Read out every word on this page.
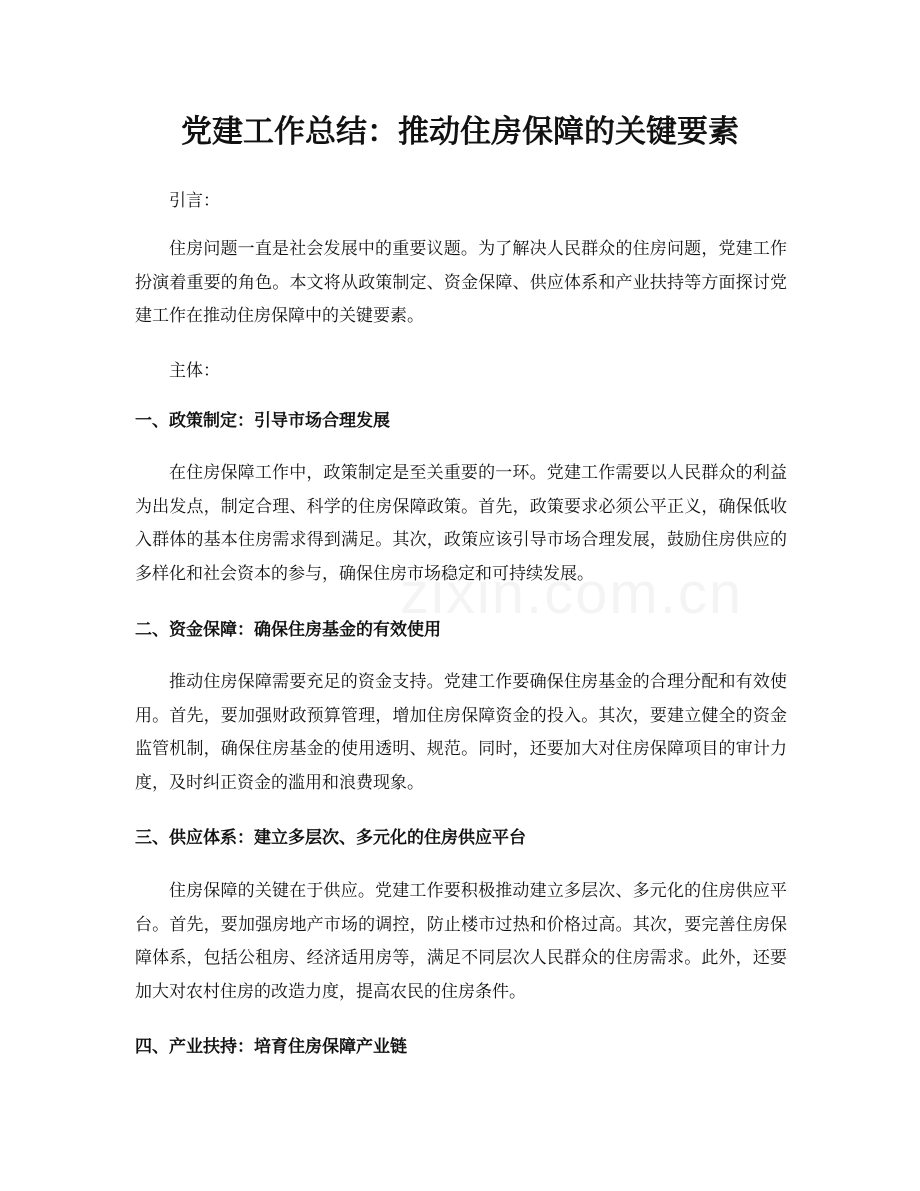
党建工作总结：推动住房保障的关键要素

引言：

住房问题一直是社会发展中的重要议题。为了解决人民群众的住房问题，党建工作扮演着重要的角色。本文将从政策制定、资金保障、供应体系和产业扶持等方面探讨党建工作在推动住房保障中的关键要素。

主体：

一、政策制定：引导市场合理发展

在住房保障工作中，政策制定是至关重要的一环。党建工作需要以人民群众的利益为出发点，制定合理、科学的住房保障政策。首先，政策要求必须公平正义，确保低收入群体的基本住房需求得到满足。其次，政策应该引导市场合理发展，鼓励住房供应的多样化和社会资本的参与，确保住房市场稳定和可持续发展。

二、资金保障：确保住房基金的有效使用

推动住房保障需要充足的资金支持。党建工作要确保住房基金的合理分配和有效使用。首先，要加强财政预算管理，增加住房保障资金的投入。其次，要建立健全的资金监管机制，确保住房基金的使用透明、规范。同时，还要加大对住房保障项目的审计力度，及时纠正资金的滥用和浪费现象。

三、供应体系：建立多层次、多元化的住房供应平台

住房保障的关键在于供应。党建工作要积极推动建立多层次、多元化的住房供应平台。首先，要加强房地产市场的调控，防止楼市过热和价格过高。其次，要完善住房保障体系，包括公租房、经济适用房等，满足不同层次人民群众的住房需求。此外，还要加大对农村住房的改造力度，提高农民的住房条件。

四、产业扶持：培育住房保障产业链
